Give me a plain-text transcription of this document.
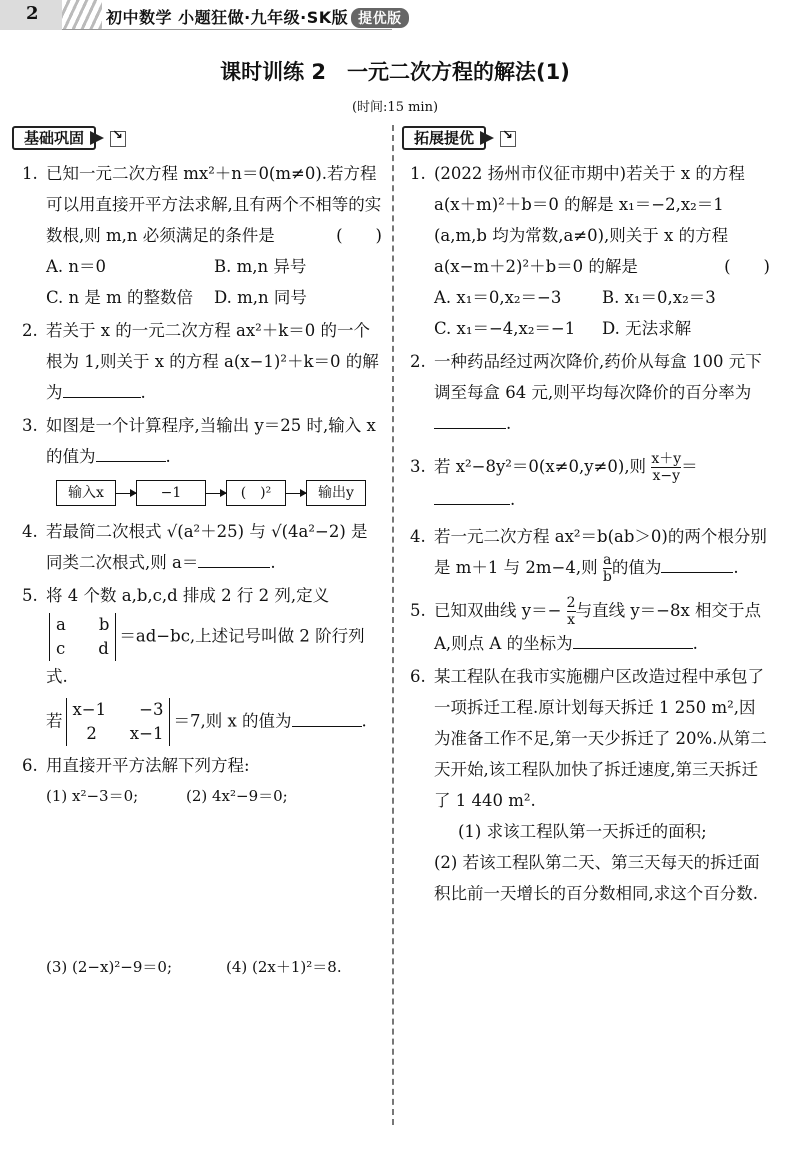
2	初中数学 小题狂做·九年级·SK版 提优版
课时训练 2　一元二次方程的解法(1)
(时间:15 min)
基础巩固↘
1. 已知一元二次方程 mx²＋n＝0(m≠0).若方程可以用直接开平方法求解,且有两个不相等的实数根,则 m,n 必须满足的条件是	(　　)
A. n＝0	B. m,n 异号
C. n 是 m 的整数倍	D. m,n 同号
2. 若关于 x 的一元二次方程 ax²＋k＝0 的一个根为 1,则关于 x 的方程 a(x−1)²＋k＝0 的解为	.
3. 如图是一个计算程序,当输出 y＝25 时,输入 x 的值为	.
输入x	−1	(　)²	输出y
4. 若最简二次根式 √(a²＋25) 与 √(4a²−2) 是同类二次根式,则 a＝	.
5. 将 4 个数 a,b,c,d 排成 2 行 2 列,定义
a　　b
c　　d
＝ad−bc,上述记号叫做 2 阶行列式.
若
x−1　　−3
2　　x−1
＝7,则 x 的值为	.
6. 用直接开平方法解下列方程:
(1) x²−3＝0;	(2) 4x²−9＝0;
(3) (2−x)²−9＝0;	(4) (2x＋1)²＝8.
拓展提优↘
1. (2022 扬州市仪征市期中)若关于 x 的方程 a(x＋m)²＋b＝0 的解是 x₁＝−2,x₂＝1 (a,m,b 均为常数,a≠0),则关于 x 的方程 a(x−m＋2)²＋b＝0 的解是	(　　)
A. x₁＝0,x₂＝−3	B. x₁＝0,x₂＝3
C. x₁＝−4,x₂＝−1	D. 无法求解
2. 一种药品经过两次降价,药价从每盒 100 元下调至每盒 64 元,则平均每次降价的百分率为.
3. 若 x²−8y²＝0(x≠0,y≠0),则 $\frac{x+y}{x-y}$ ＝
.
4. 若一元二次方程 ax²＝b(ab＞0)的两个根分别是 m＋1 与 2m−4,则 $\frac{a}{b}$ 的值为	.
5. 已知双曲线 $y=- \frac{2}{x}$ 与直线 y＝−8x 相交于点 A,则点 A 的坐标为	.
6. 某工程队在我市实施棚户区改造过程中承包了一项拆迁工程.原计划每天拆迁 1 250 m²,因为准备工作不足,第一天少拆迁了 20%.从第二天开始,该工程队加快了拆迁速度,第三天拆迁了 1 440 m².
(1) 求该工程队第一天拆迁的面积;
(2) 若该工程队第二天、第三天每天的拆迁面积比前一天增长的百分数相同,求这个百分数.
